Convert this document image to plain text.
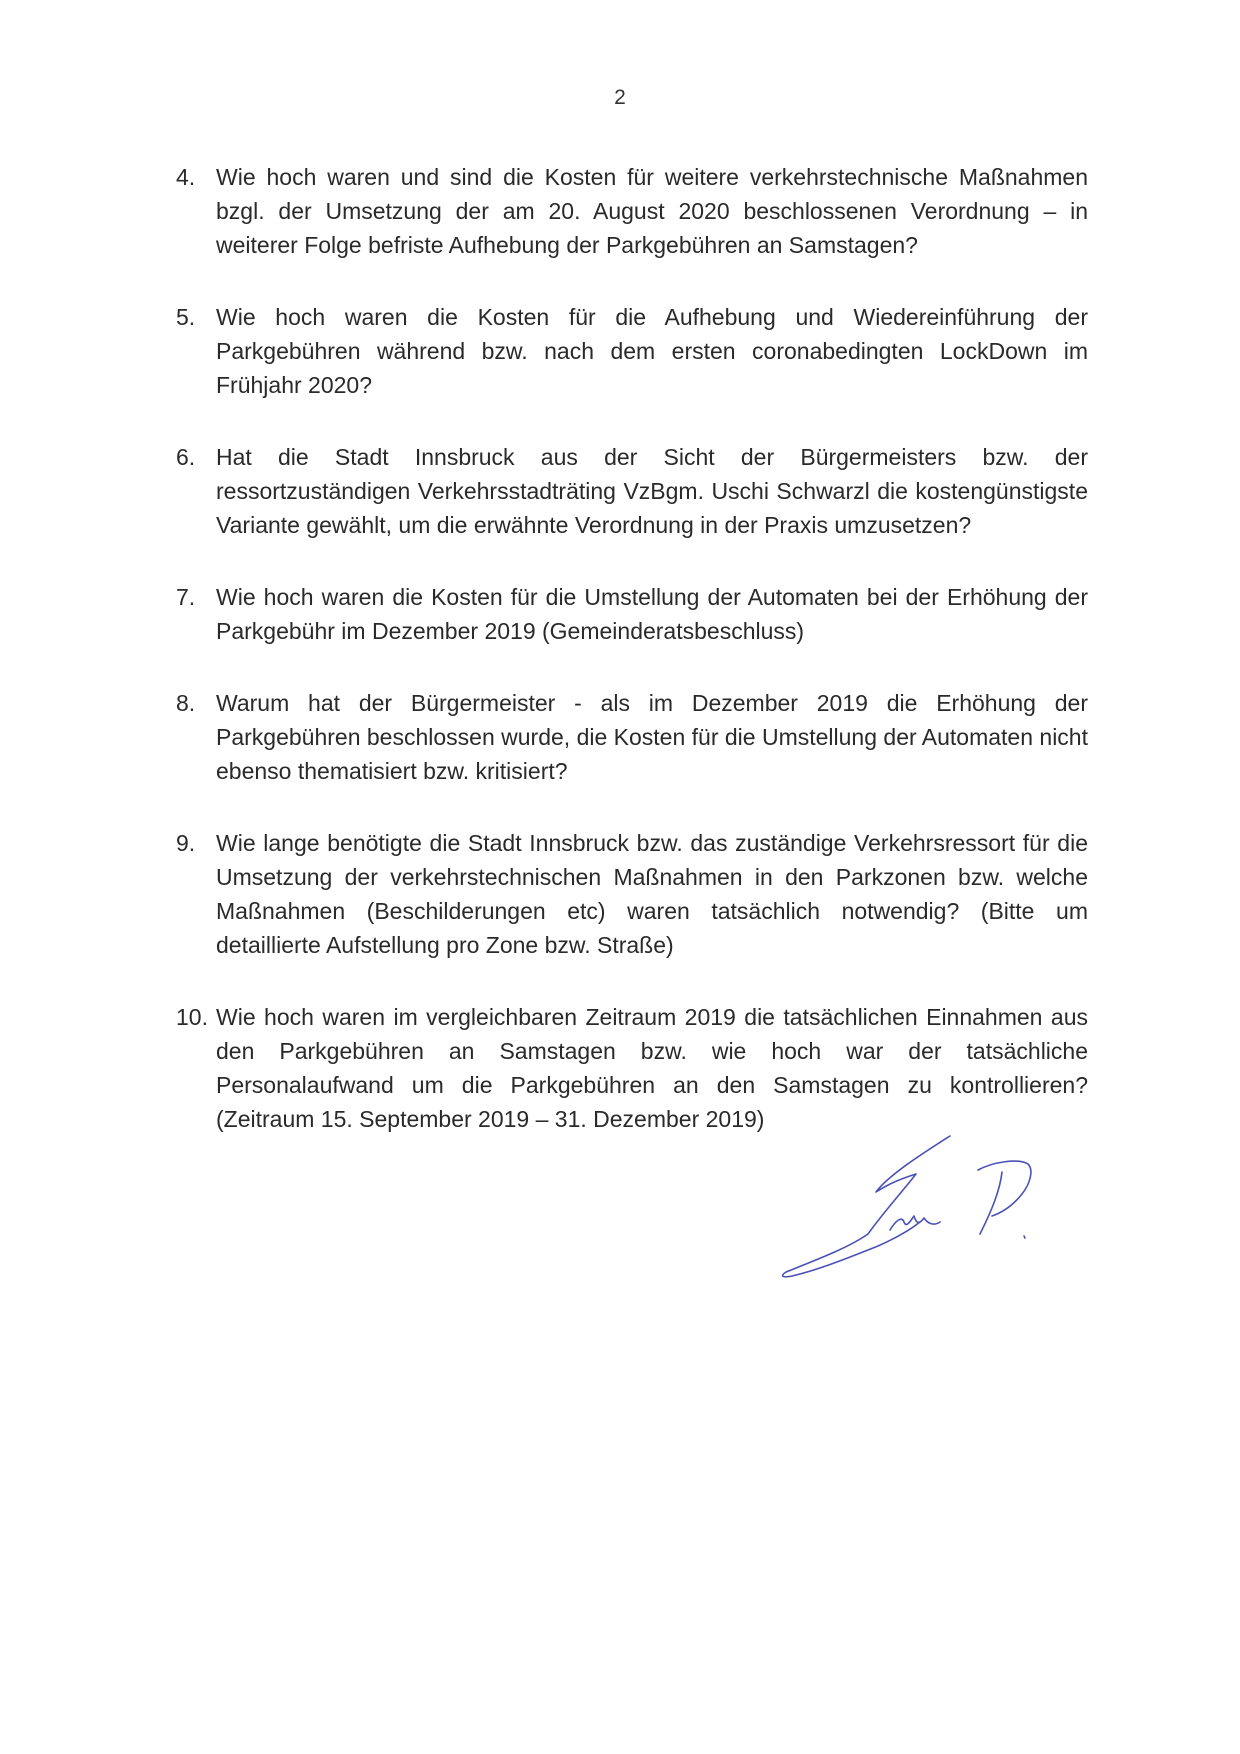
2
4. Wie hoch waren und sind die Kosten für weitere verkehrstechnische Maßnahmen bzgl. der Umsetzung der am 20. August 2020 beschlossenen Verordnung – in weiterer Folge befriste Aufhebung der Parkgebühren an Samstagen?
5. Wie hoch waren die Kosten für die Aufhebung und Wiedereinführung der Parkgebühren während bzw. nach dem ersten coronabedingten LockDown im Frühjahr 2020?
6. Hat die Stadt Innsbruck aus der Sicht der Bürgermeisters bzw. der ressortzuständigen Verkehrsstadträting VzBgm. Uschi Schwarzl die kostengünstigste Variante gewählt, um die erwähnte Verordnung in der Praxis umzusetzen?
7. Wie hoch waren die Kosten für die Umstellung der Automaten bei der Erhöhung der Parkgebühr im Dezember 2019 (Gemeinderatsbeschluss)
8. Warum hat der Bürgermeister - als im Dezember 2019 die Erhöhung der Parkgebühren beschlossen wurde, die Kosten für die Umstellung der Automaten nicht ebenso thematisiert bzw. kritisiert?
9. Wie lange benötigte die Stadt Innsbruck bzw. das zuständige Verkehrsressort für die Umsetzung der verkehrstechnischen Maßnahmen in den Parkzonen bzw. welche Maßnahmen (Beschilderungen etc) waren tatsächlich notwendig? (Bitte um detaillierte Aufstellung pro Zone bzw. Straße)
10. Wie hoch waren im vergleichbaren Zeitraum 2019 die tatsächlichen Einnahmen aus den Parkgebühren an Samstagen bzw. wie hoch war der tatsächliche Personalaufwand um die Parkgebühren an den Samstagen zu kontrollieren? (Zeitraum 15. September 2019 – 31. Dezember 2019)
